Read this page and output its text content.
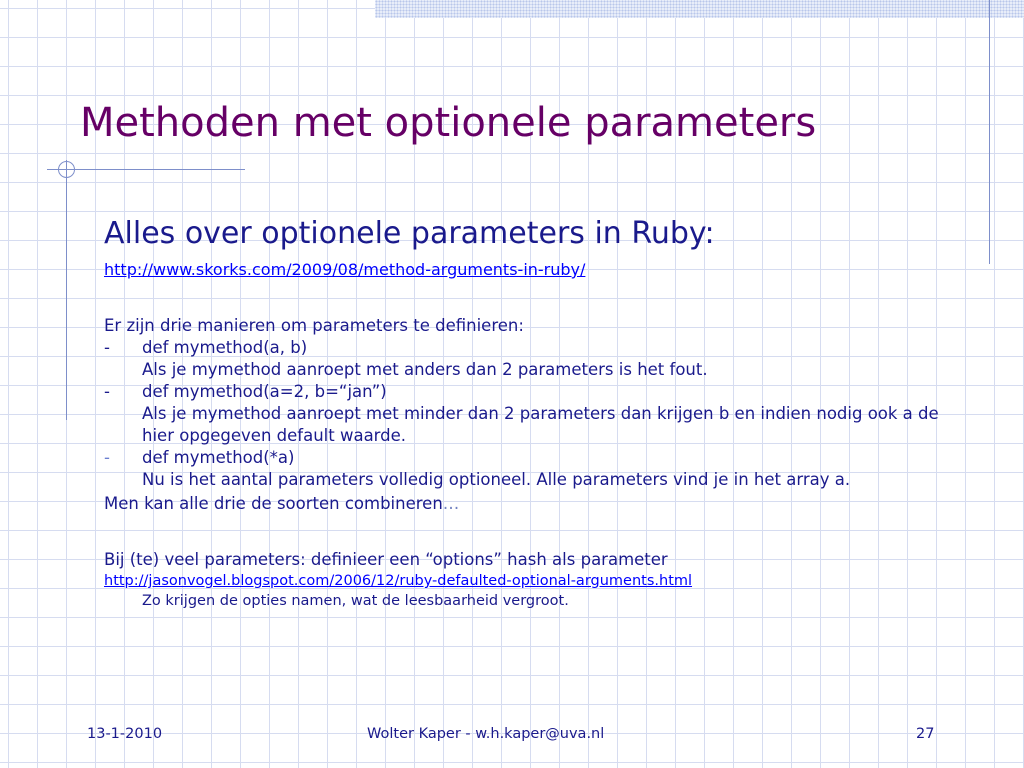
Methoden met optionele parameters
Alles over optionele parameters in Ruby:
http://www.skorks.com/2009/08/method-arguments-in-ruby/
Er zijn drie manieren om parameters te definieren:
-	def mymethod(a, b)
Als je mymethod aanroept met anders dan 2 parameters is het fout.
-	def mymethod(a=2, b=“jan”)
Als je mymethod aanroept met minder dan 2 parameters dan krijgen b en indien nodig ook a de hier opgegeven default waarde.
-	def mymethod(*a)
Nu is het aantal parameters volledig optioneel. Alle parameters vind je in het array a.
Men kan alle drie de soorten combineren…
Bij (te) veel parameters: definieer een “options” hash als parameter
http://jasonvogel.blogspot.com/2006/12/ruby-defaulted-optional-arguments.html
Zo krijgen de opties namen, wat de leesbaarheid vergroot.
13-1-2010	Wolter Kaper - w.h.kaper@uva.nl	27
